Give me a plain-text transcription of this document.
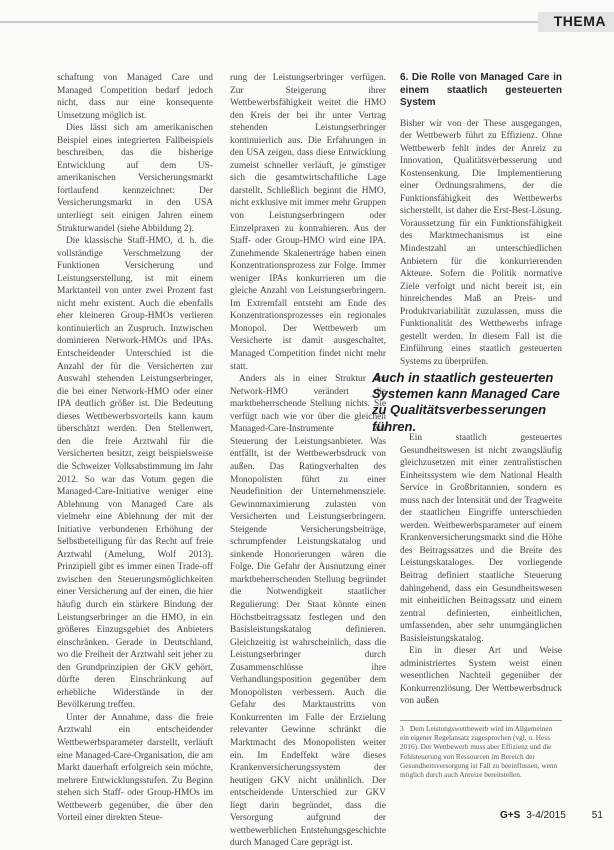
THEMA

schaftung von Managed Care und Managed Competition bedarf jedoch nicht, dass nur eine konsequente Umsetzung möglich ist.

Dies lässt sich am amerikanischen Beispiel eines integrierten Fallbeispiels beschreiben, das die bisherige Entwicklung auf dem US-amerikanischen Versicherungsmarkt fortlaufend kennzeichnet: Der Versicherungsmarkt in den USA unterliegt seit einigen Jahren einem Strukturwandel (siehe Abbildung 2).

Die klassische Staff-HMO, d. h. die vollständige Verschmelzung der Funktionen Versicherung und Leistungserstellung, ist mit einem Marktanteil von unter zwei Prozent fast nicht mehr existent. Auch die ebenfalls eher kleineren Group-HMOs verlieren kontinuierlich an Zuspruch. Inzwischen dominieren Network-HMOs und IPAs. Entscheidender Unterschied ist die Anzahl der für die Versicherten zur Auswahl stehenden Leistungserbringer, die bei einer Network-HMO oder einer IPA deutlich größer ist. Die Bedeutung dieses Wettbewerbsvorteils kann kaum überschätzt werden. Den Stellenwert, den die freie Arztwahl für die Versicherten besitzt, zeigt beispielsweise die Schweizer Volksabstimmung im Jahr 2012. So war das Votum gegen die Managed-Care-Initiative weniger eine Ablehnung von Managed Care als vielmehr eine Ablehnung der mit der Initiative verbundenen Erhöhung der Selbstbeteiligung für das Recht auf freie Arztwahl (Amelung, Wolf 2013). Prinzipiell gibt es immer einen Trade-off zwischen den Steuerungsmöglichkeiten einer Versicherung auf der einen, die hier häufig durch ein stärkere Bindung der Leistungserbringer an die HMO, in ein größeres Einzugsgebiet des Anbieters einschränken. Gerade in Deutschland, wo die Freiheit der Arztwahl seit jeher zu den Grundprinzipien der GKV gehört, dürfte deren Einschränkung auf erhebliche Widerstände in der Bevölkerung treffen.

Unter der Annahme, dass die freie Arztwahl ein entscheidender Wettbewerbsparameter darstellt, verläuft eine Managed-Care-Organisation, die am Markt dauerhaft erfolgreich sein möchte, mehrere Entwicklungsstufen. Zu Beginn stehen sich Staff- oder Group-HMOs im Wettbewerb gegenüber, die über den Vorteil einer direkten Steue-

rung der Leistungserbringer verfügen. Zur Steigerung ihrer Wettbewerbsfähigkeit weitet die HMO den Kreis der bei ihr unter Vertrag stehenden Leistungserbringer kontinuierlich aus. Die Erfahrungen in den USA zeigen, dass diese Entwicklung zumeist schneller verläuft, je günstiger sich die gesamtwirtschaftliche Lage darstellt. Schließlich beginnt die HMO, nicht exklusive mit immer mehr Gruppen von Leistungserbringern oder Einzelpraxen zu kontrahieren. Aus der Staff- oder Group-HMO wird eine IPA. Zunehmende Skalenerträge haben einen Konzentrationsprozess zur Folge. Immer weniger IPAs konkurrieren um die gleiche Anzahl von Leistungserbringern. Im Extremfall entsteht am Ende des Konzentrationsprozesses ein regionales Monopol. Der Wettbewerb um Versicherte ist damit ausgeschaltet, Managed Competition findet nicht mehr statt.

Anders als in einer Struktur der Network-HMO verändert die marktbeherrschende Stellung nichts. Sie verfügt nach wie vor über die gleichen Managed-Care-Instrumente zur Steuerung der Leistungsanbieter. Was entfällt, ist der Wettbewerbsdruck von außen. Das Ratingverhalten des Monopolisten führt zu einer Neudefinition der Unternehmensziele. Gewinnmaximierung zulasten von Versicherten und Leistungserbringern. Steigende Versicherungsbeiträge, schrumpfender Leistungskatalog und sinkende Honorierungen wären die Folge. Die Gefahr der Ausnutzung einer marktbeherrschenden Stellung begründet die Notwendigkeit staatlicher Regulierung: Der Staat könnte einen Höchstbeitragssatz festlegen und den Basisleistungskatalog definieren. Gleichzeitig ist wahrscheinlich, dass die Leistungserbringer durch Zusammenschlüsse ihre Verhandlungsposition gegenüber dem Monopolisten verbessern. Auch die Gefahr des Marktaustritts von Konkurrenten im Falle der Erzielung relevanter Gewinne schränkt die Marktmacht des Monopolisten weiter ein. Im Endeffekt wäre dieses Krankenversicherungssystem der heutigen GKV nicht unähnlich. Der entscheidende Unterschied zur GKV liegt darin begründet, dass die Versorgung aufgrund der wettbewerblichen Entstehungsgeschichte durch Managed Care geprägt ist.

6. Die Rolle von Managed Care in einem staatlich gesteuerten System

Bisher wir von der These ausgegangen, der Wettbewerb führt zu Effizienz. Ohne Wettbewerb fehlt indes der Anreiz zu Innovation, Qualitätsverbesserung und Kostensenkung. Die Implementierung einer Ordnungsrahmens, der die Funktionsfähigkeit des Wettbewerbs sicherstellt, ist daher die Erst-Best-Lösung. Voraussetzung für ein Funktionsfähigkeit des Marktmechanismus ist eine Mindestzahl an unterschiedlichen Anbietern für die konkurrierenden Akteure. Sofern die Politik normative Ziele verfolgt und nicht bereit ist, ein hinreichendes Maß an Preis- und Produktvariabilität zuzulassen, muss die Funktionalität des Wettbewerbs infrage gestellt werden. In diesem Fall ist die Einführung eines staatlich gesteuerten Systems zu überprüfen.

Auch in staatlich gesteuerten Systemen kann Managed Care zu Qualitätsverbesserungen führen.

Ein staatlich gesteuertes Gesundheitswesen ist nicht zwangsläufig gleichzusetzen mit einer zentralistischen Einheitssystem wie dem National Health Service in Großbritannien, sondern es muss nach der Intensität und der Tragweite der staatlichen Eingriffe unterschieden werden. Weitbewerbsparameter auf einem Krankenversicherungsmarkt sind die Höhe des Beitragssatzes und die Breite des Leistungskataloges. Der vorliegende Beitrag definiert staatliche Steuerung dahingehend, dass ein Gesundheitswesen mit einheitlichen Beitragssatz und einem zentral definierten, einheitlichen, umfassenden, aber sehr unumgänglichen Basisleistungskatalog.

Ein in dieser Art und Weise administriertes System weist einen wesentlichen Nachteil gegenüber der Konkurrenzlösung. Der Wettbewerbsdruck von außen

3 Dem Leistungswettbewerb wird im Allgemeinen ein eigener Regelansatz zugesprochen (vgl. u. Hess 2016). Der Wettbewerb muss aber Effizienz und die Fehlsteuerung von Ressourcen im Bereich der Gesundheitsversorgung ist Fall zu beeinflussen, wenn möglich durch auch Anreize bereitstellen.
G+S 3-4/2015	51
